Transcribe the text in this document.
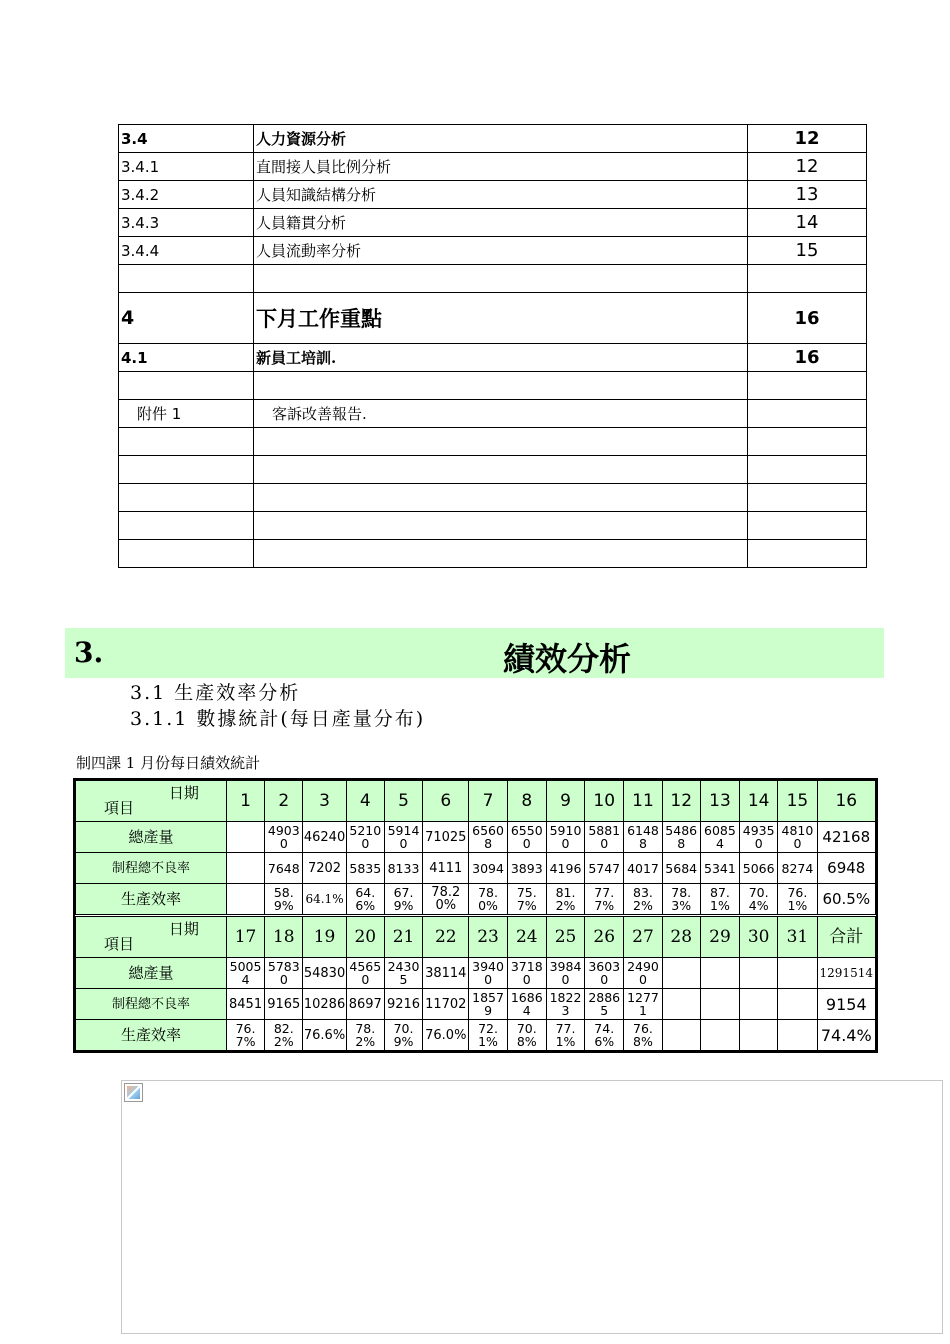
3.4	人力資源分析	12
3.4.1	直間接人員比例分析	12
3.4.2	人員知識結構分析	13
3.4.3	人員籍貫分析	14
3.4.4	人員流動率分析	15

4	下月工作重點	16
4.1	新員工培訓.	16

附件 1	客訴改善報告.	

3.	績效分析
3.1 生產效率分析
3.1.1 數據統計(每日產量分布)
制四課 1 月份每日績效統計
日期
項目	1	2	3	4	5	6	7	8	9	10	11	12	13	14	15	16
總產量		49030	46240	52100	59140	71025	65608	65500	59100	58810	61488	54868	60854	49350	48100	42168
制程總不良率		7648	7202	5835	8133	4111	3094	3893	4196	5747	4017	5684	5341	5066	8274	6948
生產效率		58.9%	64.1%	64.6%	67.9%	78.20%	78.0%	75.7%	81.2%	77.7%	83.2%	78.3%	87.1%	70.4%	76.1%	60.5%

日期
項目	17	18	19	20	21	22	23	24	25	26	27	28	29	30	31	合計
總產量	50054	57830	54830	45650	24305	38114	39400	37180	39840	36030	24900					1291514
制程總不良率	8451	9165	10286	8697	9216	11702	18579	16864	18223	28865	12771					9154
生產效率	76.7%	82.2%	76.6%	78.2%	70.9%	76.0%	72.1%	70.8%	77.1%	74.6%	76.8%					74.4%
